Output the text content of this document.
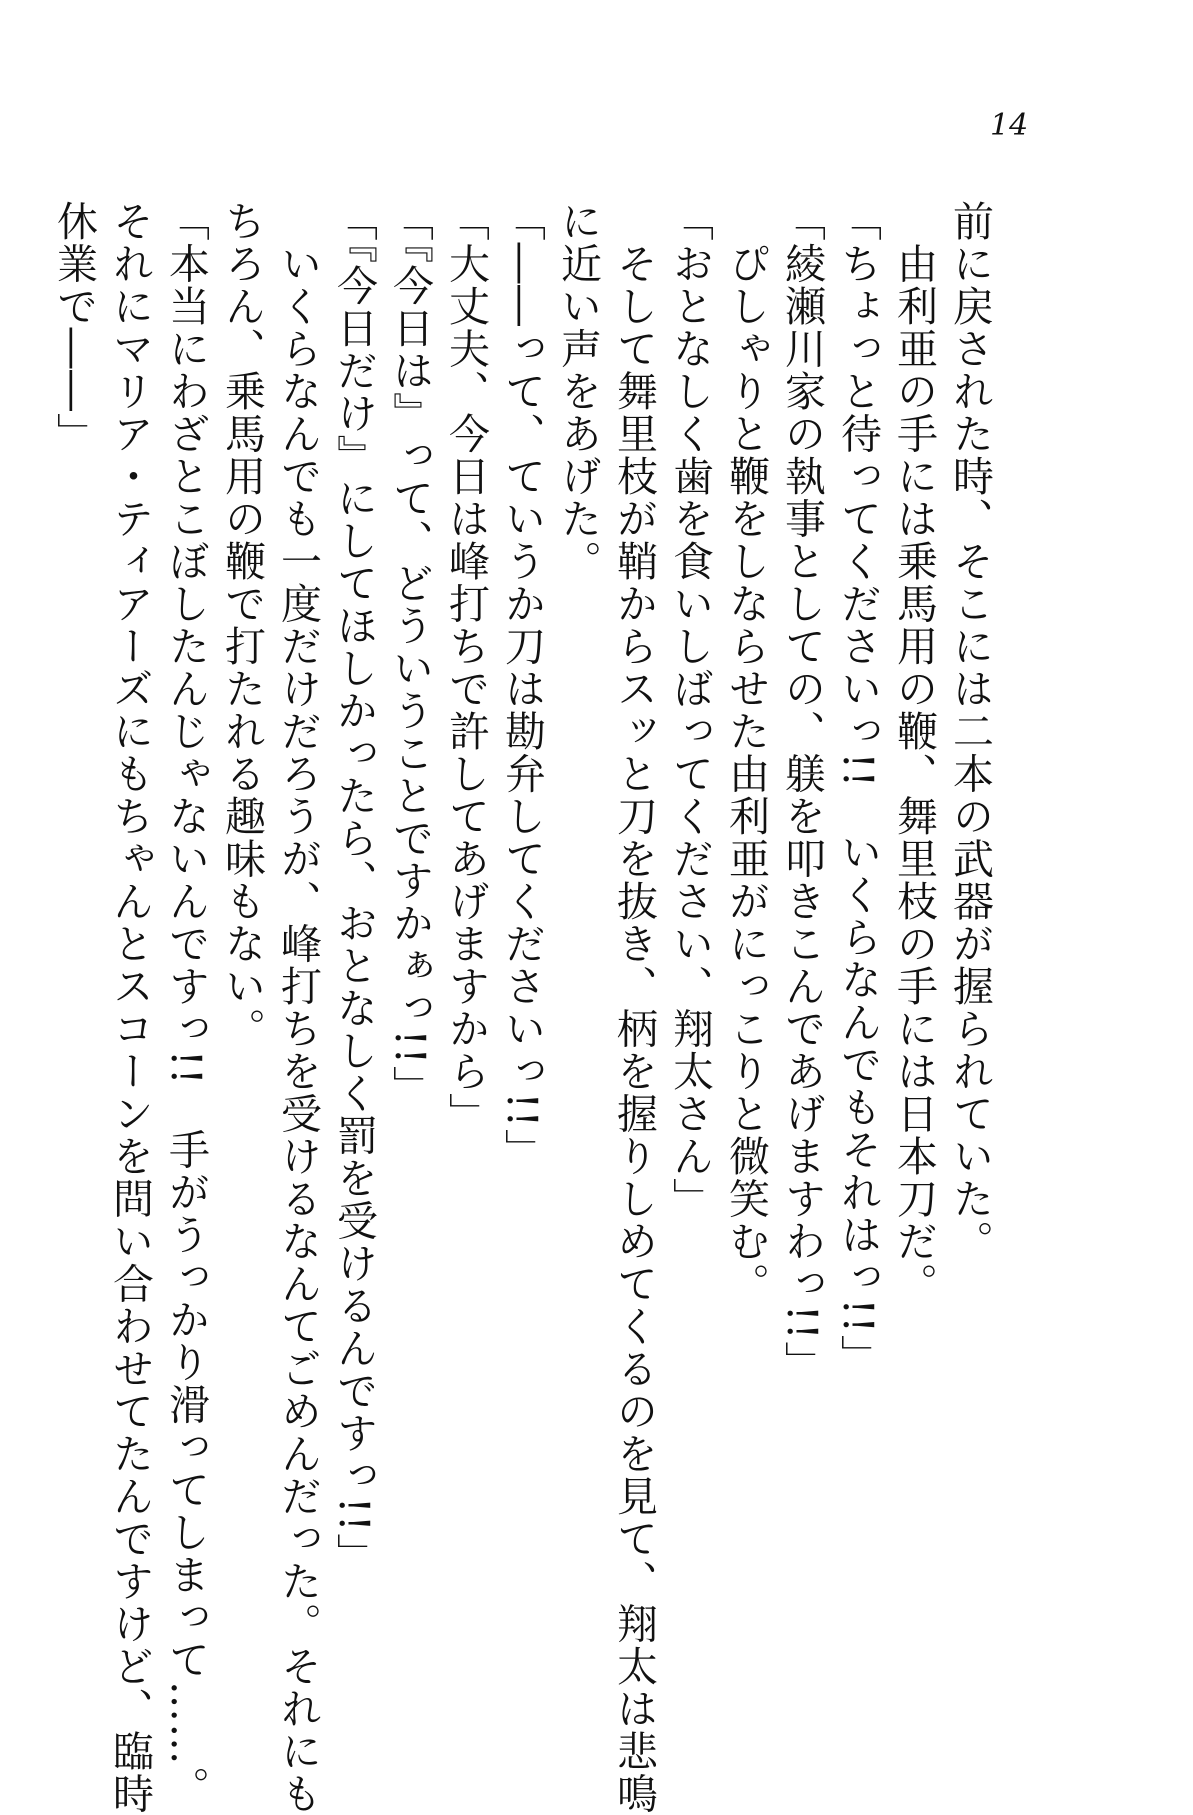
14
前に戻された時、そこには二本の武器が握られていた。
　由利亜の手には乗馬用の鞭、舞里枝の手には日本刀だ。
「ちょっと待ってくださいっ!!　いくらなんでもそれはっ!!」
「綾瀬川家の執事としての、躾を叩きこんであげますわっ!!」
　ぴしゃりと鞭をしならせた由利亜がにっこりと微笑む。
「おとなしく歯を食いしばってください、翔太さん」
　そして舞里枝が鞘からスッと刀を抜き、柄を握りしめてくるのを見て、翔太は悲鳴
に近い声をあげた。
「――って、ていうか刀は勘弁してくださいっ!!」
「大丈夫、今日は峰打ちで許してあげますから」
「『今日は』って、どういうことですかぁっ!!」
「『今日だけ』にしてほしかったら、おとなしく罰を受けるんですっ!!」
　いくらなんでも一度だけだろうが、峰打ちを受けるなんてごめんだった。それにも
ちろん、乗馬用の鞭で打たれる趣味もない。
「本当にわざとこぼしたんじゃないんですっ!!　手がうっかり滑ってしまって……。
それにマリア・ティアーズにもちゃんとスコーンを問い合わせてたんですけど、臨時
休業で――」
